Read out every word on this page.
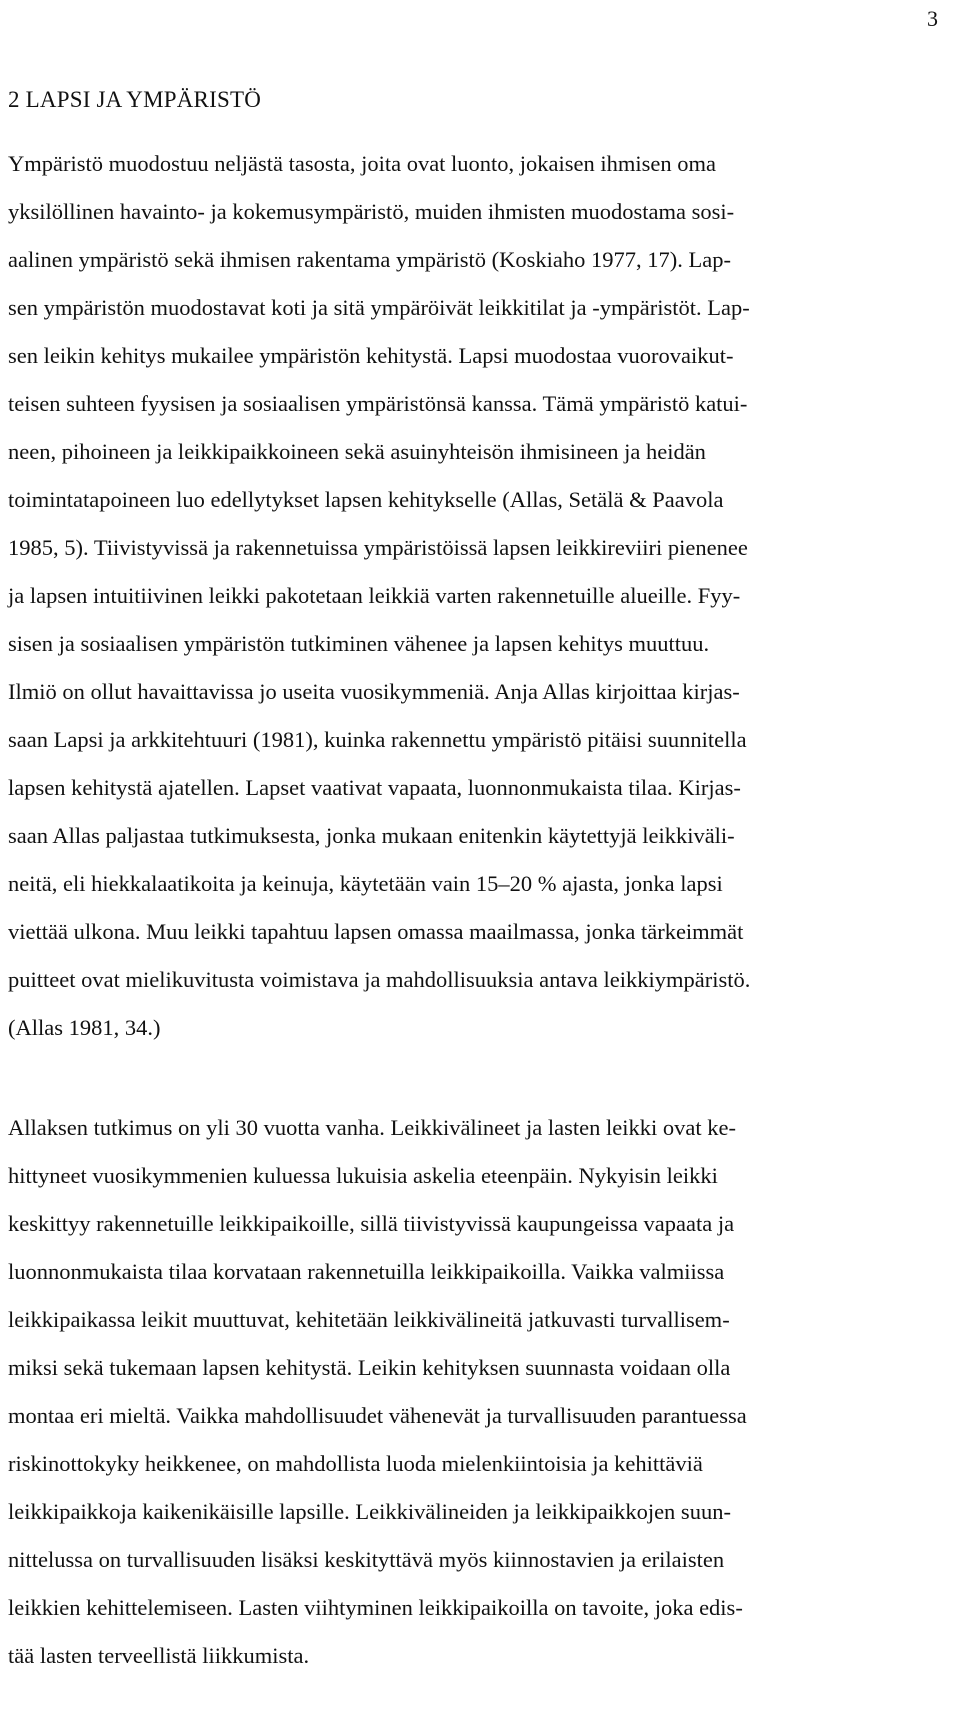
3
2 LAPSI JA YMPÄRISTÖ
Ympäristö muodostuu neljästä tasosta, joita ovat luonto, jokaisen ihmisen oma
yksilöllinen havainto- ja kokemusympäristö, muiden ihmisten muodostama sosi-
aalinen ympäristö sekä ihmisen rakentama ympäristö (Koskiaho 1977, 17). Lap-
sen ympäristön muodostavat koti ja sitä ympäröivät leikkitilat ja -ympäristöt. Lap-
sen leikin kehitys mukailee ympäristön kehitystä. Lapsi muodostaa vuorovaikut-
teisen suhteen fyysisen ja sosiaalisen ympäristönsä kanssa. Tämä ympäristö katui-
neen, pihoineen ja leikkipaikkoineen sekä asuinyhteisön ihmisineen ja heidän
toimintatapoineen luo edellytykset lapsen kehitykselle (Allas, Setälä & Paavola
1985, 5). Tiivistyvissä ja rakennetuissa ympäristöissä lapsen leikkireviiri pienenee
ja lapsen intuitiivinen leikki pakotetaan leikkiä varten rakennetuille alueille. Fyy-
sisen ja sosiaalisen ympäristön tutkiminen vähenee ja lapsen kehitys muuttuu.
Ilmiö on ollut havaittavissa jo useita vuosikymmeniä. Anja Allas kirjoittaa kirjas-
saan Lapsi ja arkkitehtuuri (1981), kuinka rakennettu ympäristö pitäisi suunnitella
lapsen kehitystä ajatellen. Lapset vaativat vapaata, luonnonmukaista tilaa. Kirjas-
saan Allas paljastaa tutkimuksesta, jonka mukaan enitenkin käytettyjä leikkiväli-
neitä, eli hiekkalaatikoita ja keinuja, käytetään vain 15–20 % ajasta, jonka lapsi
viettää ulkona. Muu leikki tapahtuu lapsen omassa maailmassa, jonka tärkeimmät
puitteet ovat mielikuvitusta voimistava ja mahdollisuuksia antava leikkiympäristö.
(Allas 1981, 34.)
Allaksen tutkimus on yli 30 vuotta vanha. Leikkivälineet ja lasten leikki ovat ke-
hittyneet vuosikymmenien kuluessa lukuisia askelia eteenpäin. Nykyisin leikki
keskittyy rakennetuille leikkipaikoille, sillä tiivistyvissä kaupungeissa vapaata ja
luonnonmukaista tilaa korvataan rakennetuilla leikkipaikoilla. Vaikka valmiissa
leikkipaikassa leikit muuttuvat, kehitetään leikkivälineitä jatkuvasti turvallisem-
miksi sekä tukemaan lapsen kehitystä. Leikin kehityksen suunnasta voidaan olla
montaa eri mieltä. Vaikka mahdollisuudet vähenevät ja turvallisuuden parantuessa
riskinottokyky heikkenee, on mahdollista luoda mielenkiintoisia ja kehittäviä
leikkipaikkoja kaikenikäisille lapsille. Leikkivälineiden ja leikkipaikkojen suun-
nittelussa on turvallisuuden lisäksi keskityttävä myös kiinnostavien ja erilaisten
leikkien kehittelemiseen. Lasten viihtyminen leikkipaikoilla on tavoite, joka edis-
tää lasten terveellistä liikkumista.
